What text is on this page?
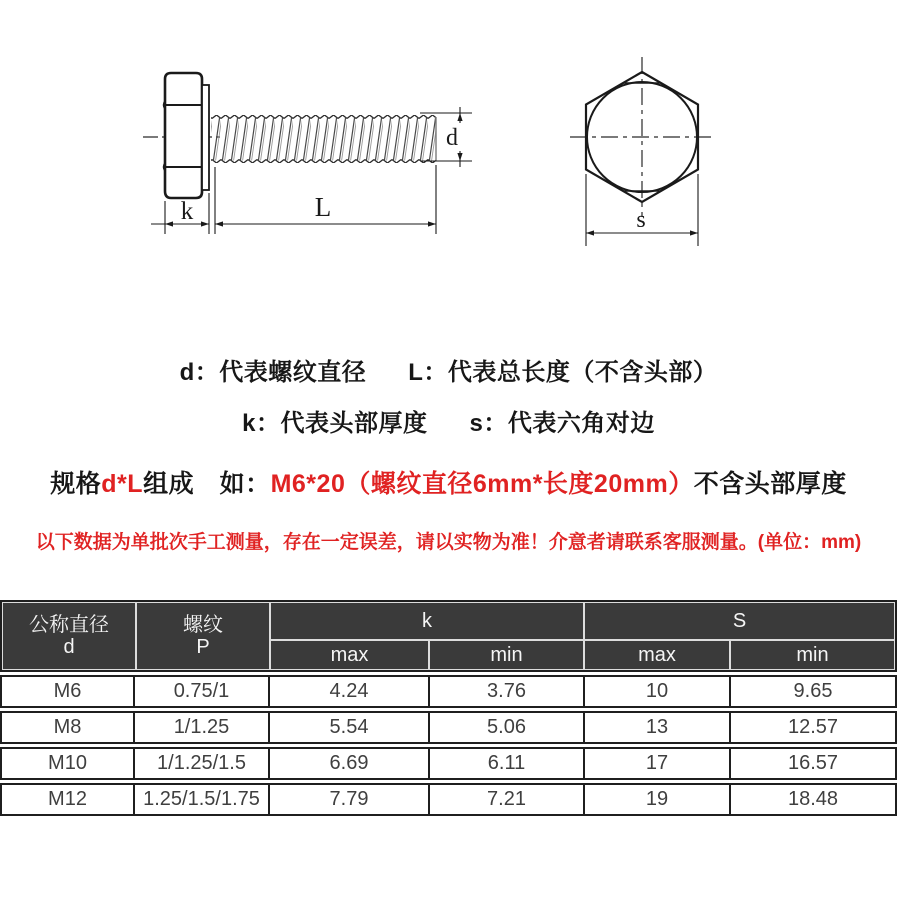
d
k	L	s
d：代表螺纹直径 L：代表总长度（不含头部）
k：代表头部厚度 s：代表六角对边
规格d*L组成　如：M6*20（螺纹直径6mm*长度20mm）不含头部厚度
以下数据为单批次手工测量，存在一定误差，请以实物为准！介意者请联系客服测量。(单位：mm)
公称直径
d
螺纹
P
k	S
max	min	max	min
M6	0.75/1	4.24	3.76	10	9.65
M8	1/1.25	5.54	5.06	13	12.57
M10	1/1.25/1.5	6.69	6.11	17	16.57
M12	1.25/1.5/1.75	7.79	7.21	19	18.48
